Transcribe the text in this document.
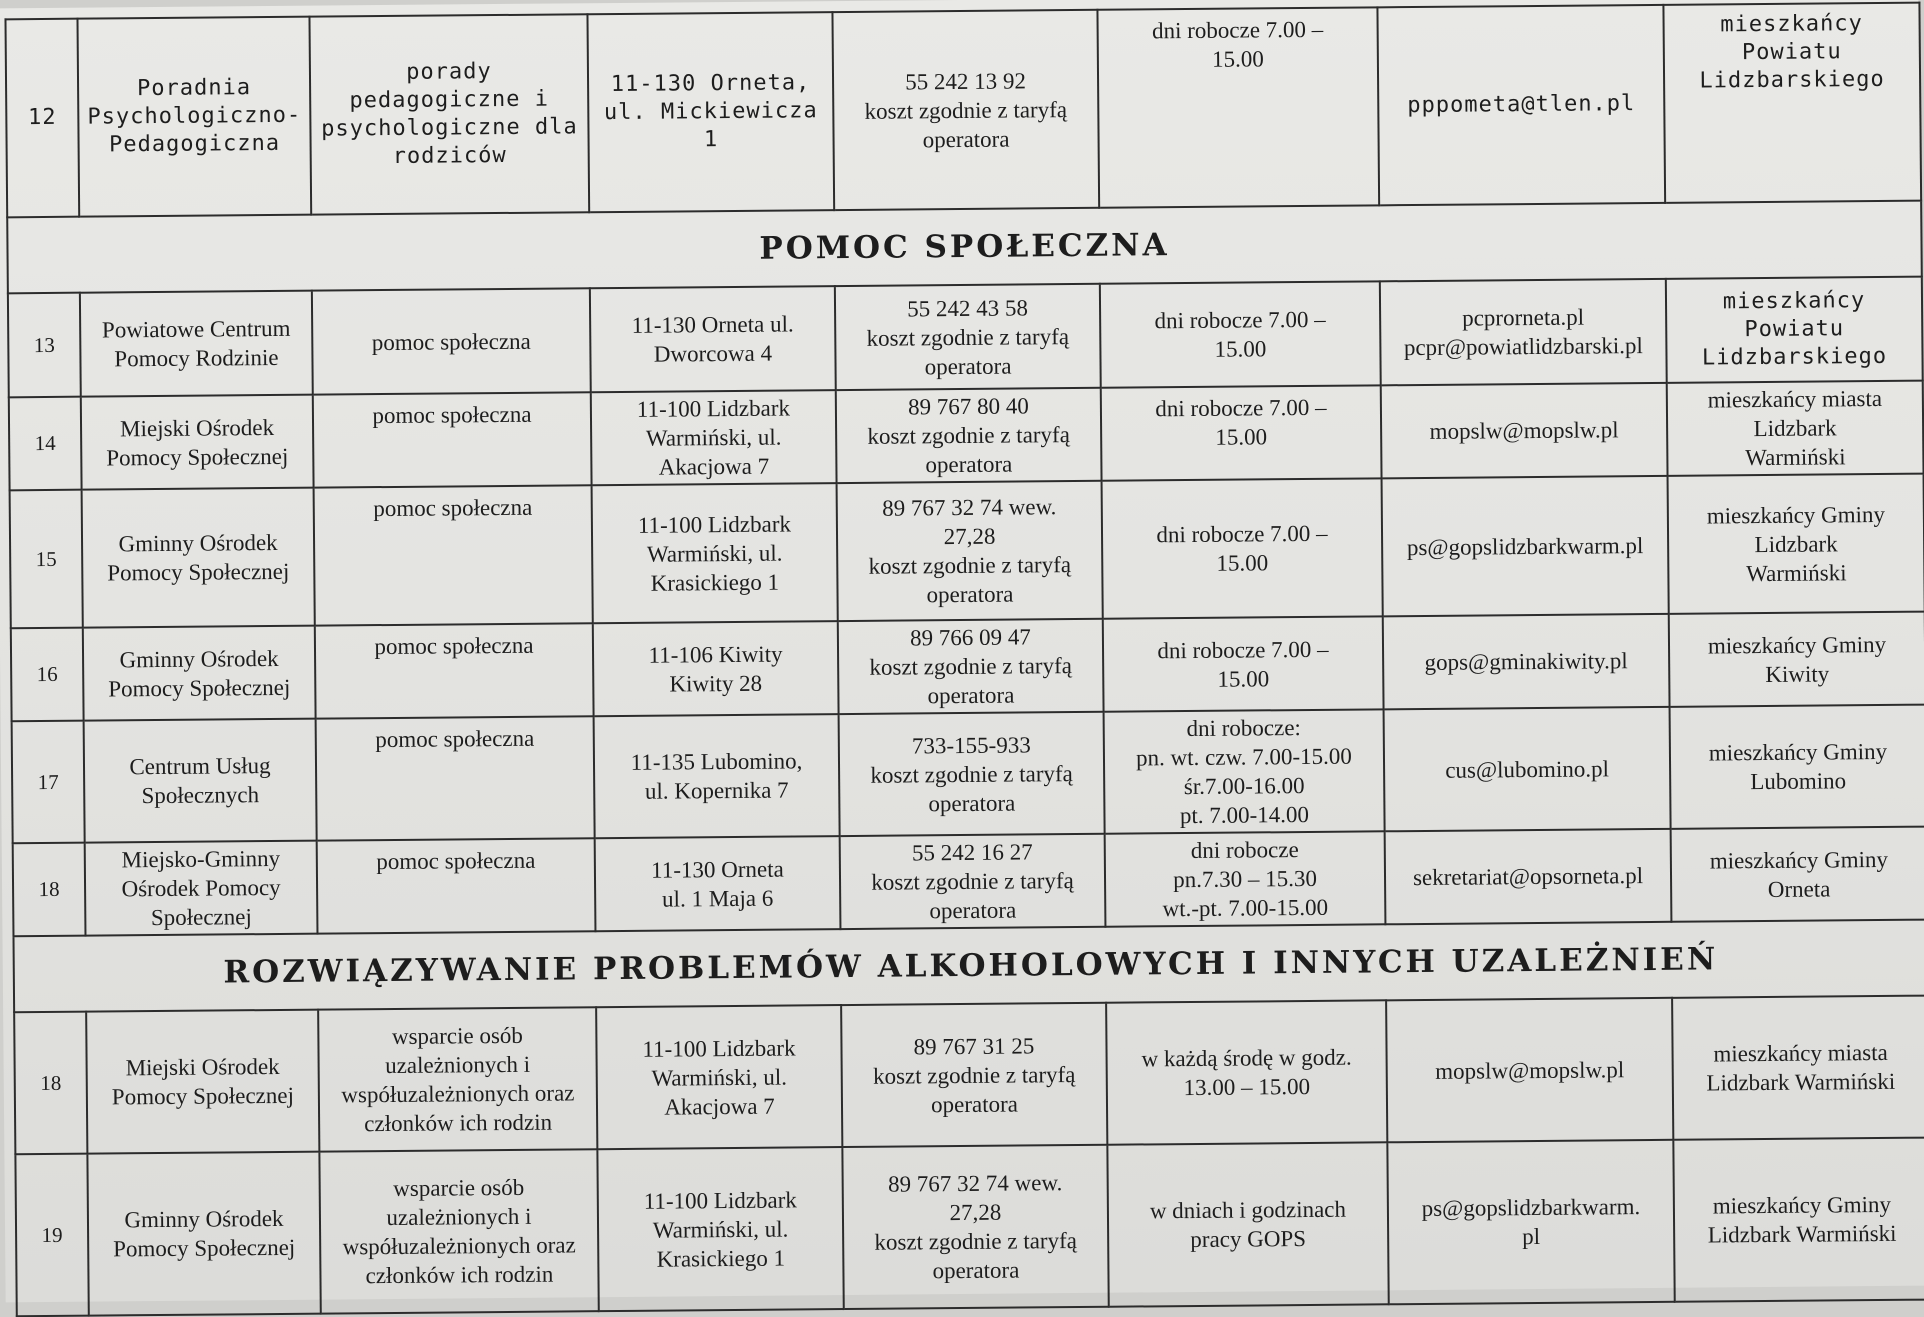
12	Poradnia
Psychologiczno-
Pedagogiczna	porady
pedagogiczne i
psychologiczne dla
rodziców	11-130 Orneta,
ul. Mickiewicza
1	55 242 13 92
koszt zgodnie z taryfą
operatora	dni robocze 7.00 –
15.00	pppometa@tlen.pl	mieszkańcy
Powiatu
Lidzbarskiego
POMOC SPOŁECZNA							
13	Powiatowe Centrum
Pomocy Rodzinie	pomoc społeczna	11-130 Orneta ul.
Dworcowa 4	55 242 43 58
koszt zgodnie z taryfą
operatora	dni robocze 7.00 –
15.00	pcprorneta.pl
pcpr@powiatlidzbarski.pl	mieszkańcy
Powiatu
Lidzbarskiego
14	Miejski Ośrodek
Pomocy Społecznej	pomoc społeczna	11-100 Lidzbark
Warmiński, ul.
Akacjowa 7	89 767 80 40
koszt zgodnie z taryfą
operatora	dni robocze 7.00 –
15.00	mopslw@mopslw.pl	mieszkańcy miasta
Lidzbark
Warmiński
15	Gminny Ośrodek
Pomocy Społecznej	pomoc społeczna	11-100 Lidzbark
Warmiński, ul.
Krasickiego 1	89 767 32 74 wew.
27,28
koszt zgodnie z taryfą
operatora	dni robocze 7.00 –
15.00	ps@gopslidzbarkwarm.pl	mieszkańcy Gminy
Lidzbark
Warmiński
16	Gminny Ośrodek
Pomocy Społecznej	pomoc społeczna	11-106 Kiwity
Kiwity 28	89 766 09 47
koszt zgodnie z taryfą
operatora	dni robocze 7.00 –
15.00	gops@gminakiwity.pl	mieszkańcy Gminy
Kiwity
17	Centrum Usług
Społecznych	pomoc społeczna	11-135 Lubomino,
ul. Kopernika 7	733-155-933
koszt zgodnie z taryfą
operatora	dni robocze:
pn. wt. czw. 7.00-15.00
śr.7.00-16.00
pt. 7.00-14.00	cus@lubomino.pl	mieszkańcy Gminy
Lubomino
18	Miejsko-Gminny
Ośrodek Pomocy
Społecznej	pomoc społeczna	11-130 Orneta
ul. 1 Maja 6	55 242 16 27
koszt zgodnie z taryfą
operatora	dni robocze
pn.7.30 – 15.30
wt.-pt. 7.00-15.00	sekretariat@opsorneta.pl	mieszkańcy Gminy
Orneta
ROZWIĄZYWANIE PROBLEMÓW ALKOHOLOWYCH I INNYCH UZALEŻNIEŃ							
18	Miejski Ośrodek
Pomocy Społecznej	wsparcie osób
uzależnionych i
współuzależnionych oraz
członków ich rodzin	11-100 Lidzbark
Warmiński, ul.
Akacjowa 7	89 767 31 25
koszt zgodnie z taryfą
operatora	w każdą środę w godz.
13.00 – 15.00	mopslw@mopslw.pl	mieszkańcy miasta
Lidzbark Warmiński
19	Gminny Ośrodek
Pomocy Społecznej	wsparcie osób
uzależnionych i
współuzależnionych oraz
członków ich rodzin	11-100 Lidzbark
Warmiński, ul.
Krasickiego 1	89 767 32 74 wew.
27,28
koszt zgodnie z taryfą
operatora	w dniach i godzinach
pracy GOPS	ps@gopslidzbarkwarm.
pl	mieszkańcy Gminy
Lidzbark Warmiński
